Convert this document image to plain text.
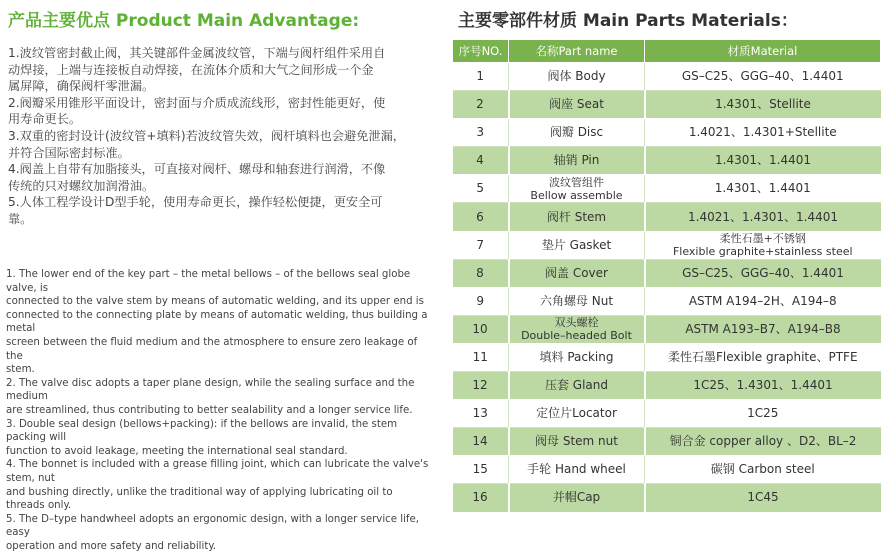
产品主要优点 Product Main Advantage:
1.波纹管密封截止阀，其关键部件金属波纹管，下端与阀杆组件采用自
动焊接，上端与连接板自动焊接，在流体介质和大气之间形成一个金
属屏障，确保阀杆零泄漏。
2.阀瓣采用锥形平面设计，密封面与介质成流线形，密封性能更好，使
用寿命更长。
3.双重的密封设计(波纹管+填料)若波纹管失效，阀杆填料也会避免泄漏，
并符合国际密封标准。
4.阀盖上自带有加脂接头，可直接对阀杆、螺母和轴套进行润滑，不像
传统的只对螺纹加润滑油。
5.人体工程学设计D型手轮，使用寿命更长，操作轻松便捷，更安全可
靠。
1. The lower end of the key part – the metal bellows – of the bellows seal globe valve, is
connected to the valve stem by means of automatic welding, and its upper end is
connected to the connecting plate by means of automatic welding, thus building a metal
screen between the fluid medium and the atmosphere to ensure zero leakage of the
stem.
2. The valve disc adopts a taper plane design, while the sealing surface and the medium
are streamlined, thus contributing to better sealability and a longer service life.
3. Double seal design (bellows+packing): if the bellows are invalid, the stem packing will
function to avoid leakage, meeting the international seal standard.
4. The bonnet is included with a grease filling joint, which can lubricate the valve's stem, nut
and bushing directly, unlike the traditional way of applying lubricating oil to threads only.
5. The D–type handwheel adopts an ergonomic design, with a longer service life, easy
operation and more safety and reliability.
主要零部件材质 Main Parts Materials：
序号NO.	名称Part name	材质Material
1	阀体 Body	GS–C25、GGG–40、1.4401
2	阀座 Seat	1.4301、Stellite
3	阀瓣 Disc	1.4021、1.4301+Stellite
4	轴销 Pin	1.4301、1.4401
5	波纹管组件
Bellow assemble	1.4301、1.4401
6	阀杆 Stem	1.4021、1.4301、1.4401
7	垫片 Gasket	柔性石墨+不锈钢
Flexible graphite+stainless steel
8	阀盖 Cover	GS–C25、GGG–40、1.4401
9	六角螺母 Nut	ASTM A194–2H、A194–8
10	双头螺栓
Double–headed Bolt	ASTM A193–B7、A194–B8
11	填料 Packing	柔性石墨Flexible graphite、PTFE
12	压套 Gland	1C25、1.4301、1.4401
13	定位片Locator	1C25
14	阀母 Stem nut	铜合金 copper alloy 、D2、BL–2
15	手轮 Hand wheel	碳钢 Carbon steel
16	并帽Cap	1C45
